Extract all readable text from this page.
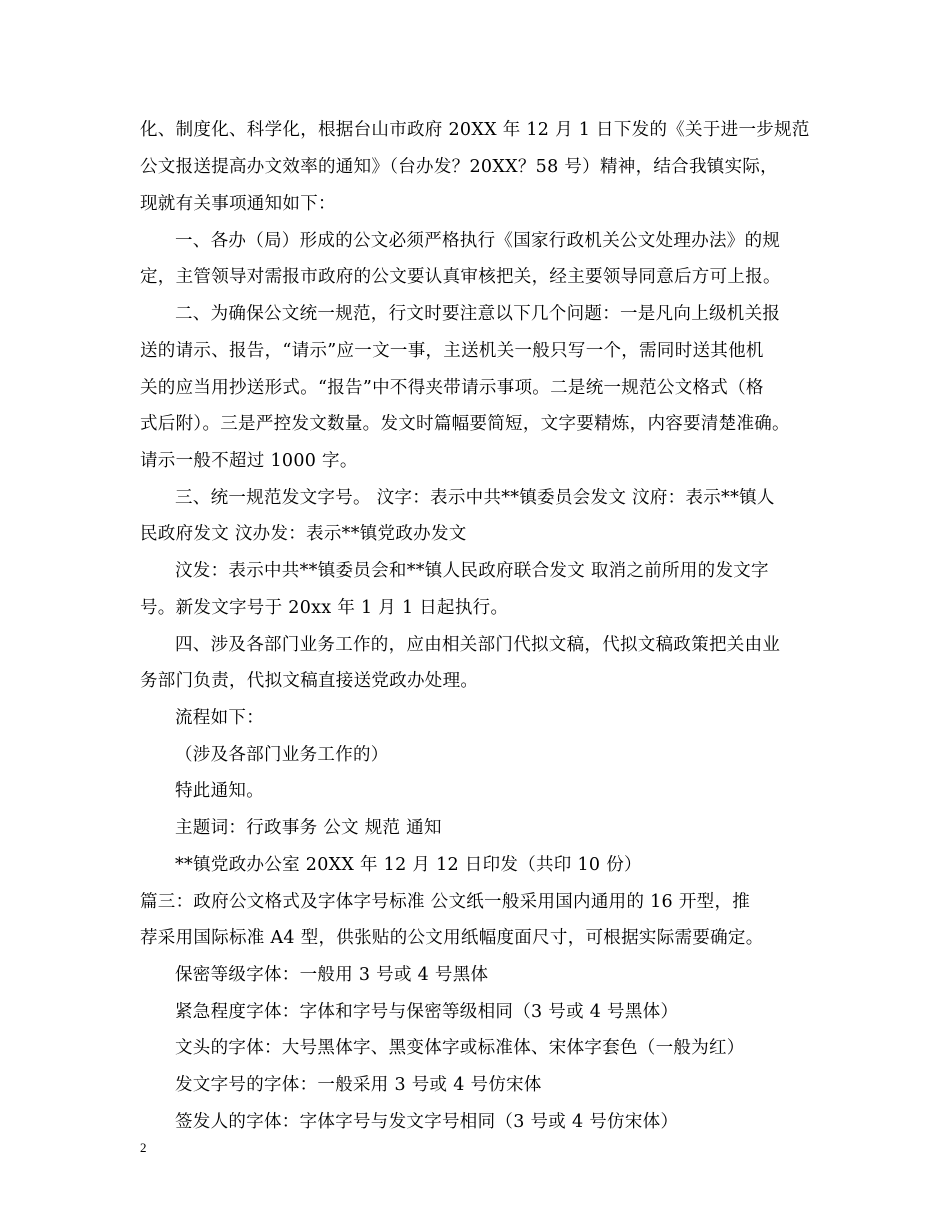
化、制度化、科学化，根据台山市政府 20XX 年 12 月 1 日下发的《关于进一步规范
公文报送提高办文效率的通知》（台办发？20XX？58 号）精神，结合我镇实际，
现就有关事项通知如下：
一、各办（局）形成的公文必须严格执行《国家行政机关公文处理办法》的规
定，主管领导对需报市政府的公文要认真审核把关，经主要领导同意后方可上报。
二、为确保公文统一规范，行文时要注意以下几个问题：一是凡向上级机关报
送的请示、报告，“请示”应一文一事，主送机关一般只写一个，需同时送其他机
关的应当用抄送形式。“报告”中不得夹带请示事项。二是统一规范公文格式（格
式后附）。三是严控发文数量。发文时篇幅要简短，文字要精炼，内容要清楚准确。
请示一般不超过 1000 字。
三、统一规范发文字号。 汶字：表示中共**镇委员会发文 汶府：表示**镇人
民政府发文 汶办发：表示**镇党政办发文
汶发：表示中共**镇委员会和**镇人民政府联合发文 取消之前所用的发文字
号。新发文字号于 20xx 年 1 月 1 日起执行。
四、涉及各部门业务工作的，应由相关部门代拟文稿，代拟文稿政策把关由业
务部门负责，代拟文稿直接送党政办处理。
流程如下：
（涉及各部门业务工作的）
特此通知。
主题词：行政事务 公文 规范 通知
**镇党政办公室 20XX 年 12 月 12 日印发（共印 10 份）
篇三：政府公文格式及字体字号标准 公文纸一般采用国内通用的 16 开型，推
荐采用国际标准 A4 型，供张贴的公文用纸幅度面尺寸，可根据实际需要确定。
保密等级字体：一般用 3 号或 4 号黑体
紧急程度字体：字体和字号与保密等级相同（3 号或 4 号黑体）
文头的字体：大号黑体字、黑变体字或标准体、宋体字套色（一般为红）
发文字号的字体：一般采用 3 号或 4 号仿宋体
签发人的字体：字体字号与发文字号相同（3 号或 4 号仿宋体）
2
